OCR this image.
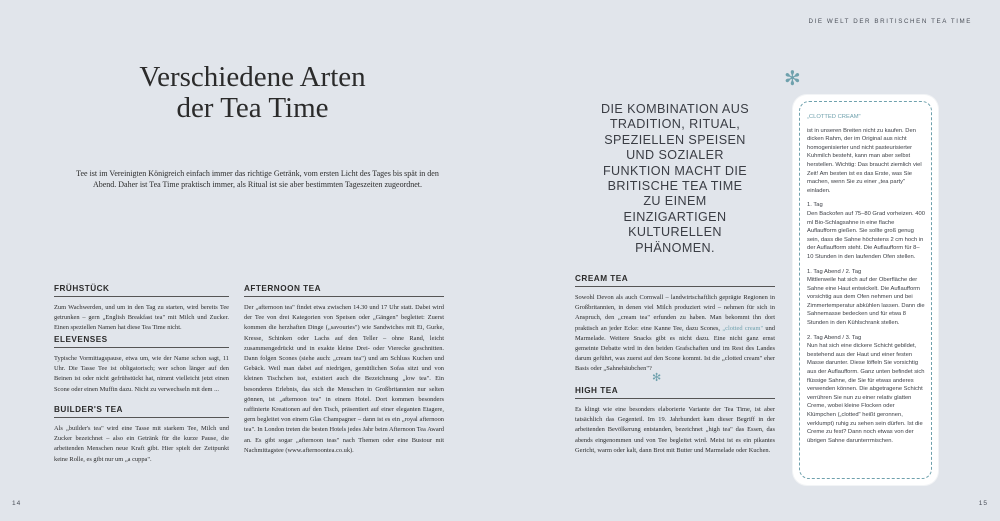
14
Verschiedene Arten der Tea Time
Tee ist im Vereinigten Königreich einfach immer das richtige Getränk, vom ersten Licht des Tages bis spät in den Abend. Daher ist Tea Time praktisch immer, als Ritual ist sie aber bestimmten Tageszeiten zugeordnet.
FRÜHSTÜCK
Zum Wachwerden, und um in den Tag zu starten, wird bereits Tee getrunken – gern „English Breakfast tea" mit Milch und Zucker. Einen speziellen Namen hat diese Tea Time nicht.
ELEVENSES
Typische Vormittagspause, etwa um, wie der Name schon sagt, 11 Uhr. Die Tasse Tee ist obligatorisch; wer schon länger auf den Beinen ist oder nicht gefrühstückt hat, nimmt vielleicht jetzt einen Scone oder einen Muffin dazu. Nicht zu verwechseln mit dem ...
BUILDER'S TEA
Als „builder's tea" wird eine Tasse mit starkem Tee, Milch und Zucker bezeichnet – also ein Getränk für die kurze Pause, die arbeitenden Menschen neue Kraft gibt. Hier spielt der Zeitpunkt keine Rolle, es gibt nur um „a cuppa".
AFTERNOON TEA
Der „afternoon tea" findet etwa zwischen 14.30 und 17 Uhr statt. Dabei wird der Tee von drei Kategorien von Speisen oder „Gängen" begleitet: Zuerst kommen die herzhaften Dinge („savouries") wie Sandwiches mit Ei, Gurke, Kresse, Schinken oder Lachs auf den Teller – ohne Rand, leicht zusammengedrückt und in exakte kleine Drei- oder Vierecke geschnitten. Dann folgen Scones (siehe auch: „cream tea") und am Schluss Kuchen und Gebäck. Weil man dabei auf niedrigen, gemütlichen Sofas sitzt und von kleinen Tischchen isst, existiert auch die Bezeichnung „low tea". Ein besonderes Erlebnis, das sich die Menschen in Großbritannien nur selten gönnen, ist „afternoon tea" in einem Hotel. Dort kommen besonders raffinierte Kreationen auf den Tisch, präsentiert auf einer eleganten Etagere, gern begleitet von einem Glas Champagner – dann ist es ein „royal afternoon tea". In London treten die besten Hotels jedes Jahr beim Afternoon Tea Award an. Es gibt sogar „afternoon teas" nach Themen oder eine Bustour mit Nachmittagstee (www.afternoontea.co.uk).
DIE WELT DER BRITISCHEN TEA TIME
15
DIE KOMBINATION AUS TRADITION, RITUAL, SPEZIELLEN SPEISEN UND SOZIALER FUNKTION MACHT DIE BRITISCHE TEA TIME ZU EINEM EINZIGARTIGEN KULTURELLEN PHÄNOMEN.
CREAM TEA
Sowohl Devon als auch Cornwall – landwirtschaftlich geprägte Regionen in Großbritannien, in denen viel Milch produziert wird – nehmen für sich in Anspruch, den „cream tea" erfunden zu haben. Man bekommt ihn dort praktisch an jeder Ecke: eine Kanne Tee, dazu Scones, „clotted cream" und Marmelade. Weitere Snacks gibt es nicht dazu. Eine nicht ganz ernst gemeinte Debatte wird in den beiden Grafschaften und im Rest des Landes darum geführt, was zuerst auf den Scone kommt. Ist die „clotted cream" eher Basis oder „Sahnehäubchen"?
✻
HIGH TEA
Es klingt wie eine besonders elaborierte Variante der Tea Time, ist aber tatsächlich das Gegenteil. Im 19. Jahrhundert kam dieser Begriff in der arbeitenden Bevölkerung entstanden, bezeichnet „high tea" das Essen, das abends eingenommen und von Tee begleitet wird. Meist ist es ein pikantes Gericht, warm oder kalt, dann Brot mit Butter und Marmelade oder Kuchen.
✻
„CLOTTED CREAM"

ist in unseren Breiten nicht zu kaufen. Den dicken Rahm, der im Original aus nicht homogenisierter und nicht pasteurisierter Kuhmilch besteht, kann man aber selbst herstellen. Wichtig: Das braucht ziemlich viel Zeit! Am besten ist es das Erste, was Sie machen, wenn Sie zu einer „tea party" einladen.

1. Tag
Den Backofen auf 75–80 Grad vorheizen. 400 ml Bio-Schlagsahne in eine flache Auflaufform gießen. Sie sollte groß genug sein, dass die Sahne höchstens 2 cm hoch in der Auflaufform steht. Die Auflaufform für 8–10 Stunden in den laufenden Ofen stellen.

1. Tag Abend / 2. Tag
Mittlerweile hat sich auf der Oberfläche der Sahne eine Haut entwickelt. Die Auflaufform vorsichtig aus dem Ofen nehmen und bei Zimmertemperatur abkühlen lassen. Dann die Sahnemasse bedecken und für etwa 8 Stunden in den Kühlschrank stellen.

2. Tag Abend / 3. Tag
Nun hat sich eine dickere Schicht gebildet, bestehend aus der Haut und einer festen Masse darunter. Diese löffeln Sie vorsichtig aus der Auflaufform. Ganz unten befindet sich flüssige Sahne, die Sie für etwas anderes verwenden können. Die abgetragene Schicht verrühren Sie nun zu einer relativ glatten Creme, wobei kleine Flocken oder Klümpchen („clotted" heißt geronnen, verklumpt) ruhig zu sehen sein dürfen. Ist die Creme zu fest? Dann noch etwas von der übrigen Sahne darunterrmischen.
